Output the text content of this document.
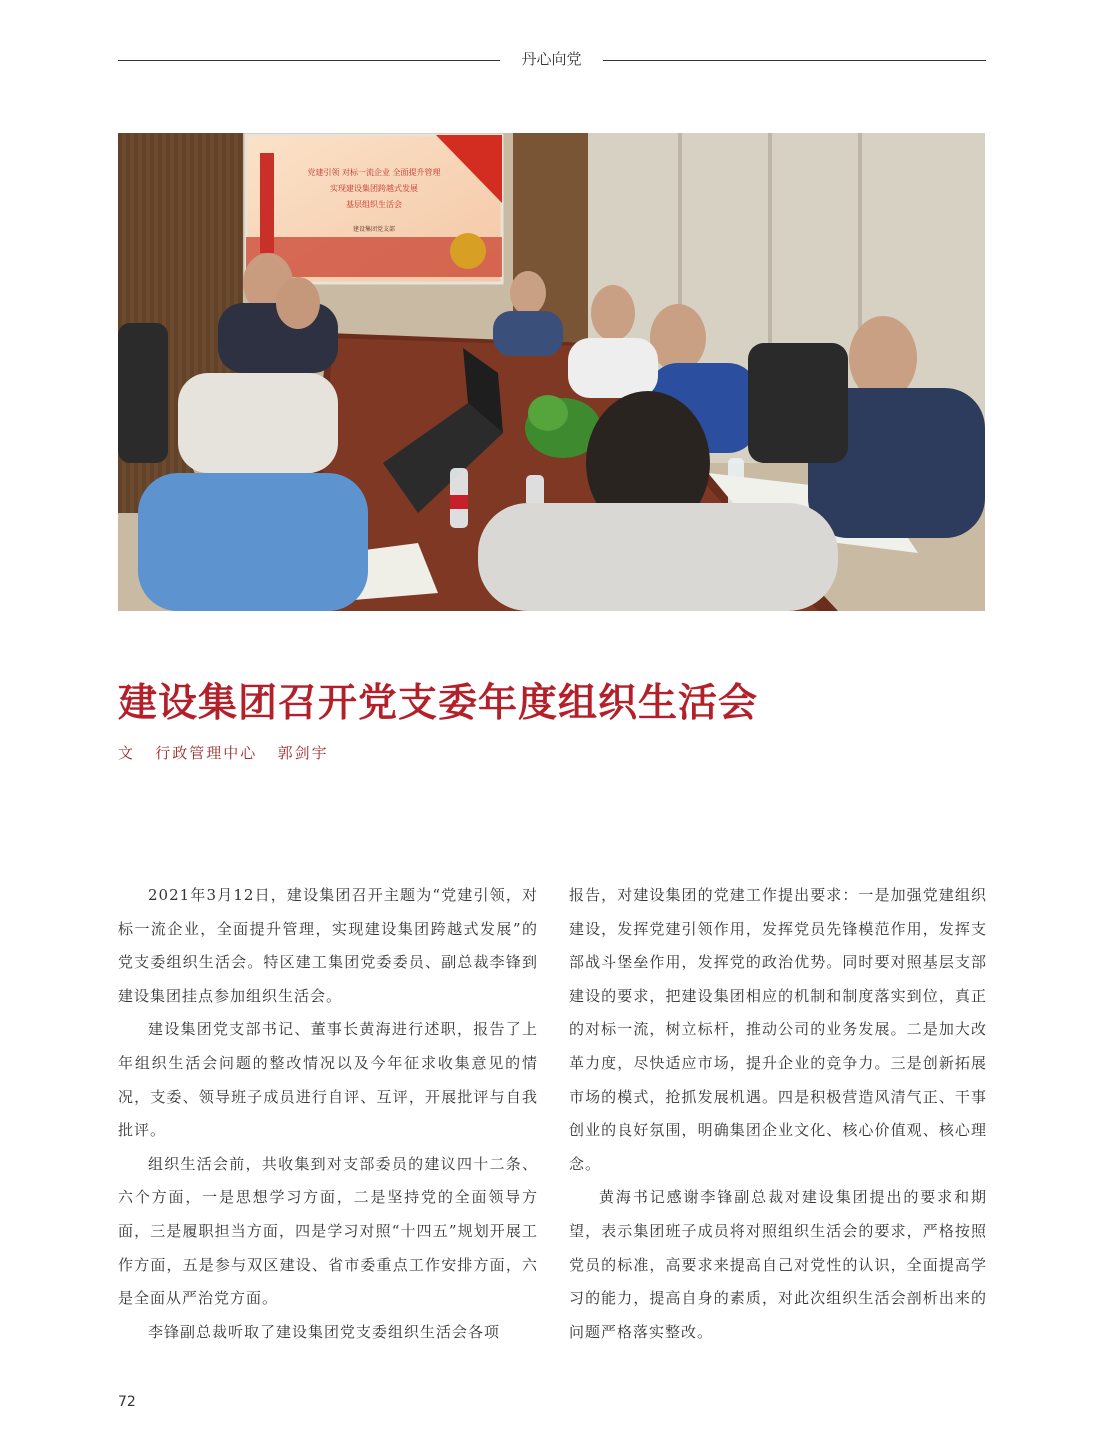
丹心向党
党建引领 对标一流企业 全面提升管理
实现建设集团跨越式发展
基层组织生活会
建设集团党支部
建设集团召开党支委年度组织生活会
文   行政管理中心   郭剑宇

2021年3月12日，建设集团召开主题为“党建引领，对标一流企业，全面提升管理，实现建设集团跨越式发展”的党支委组织生活会。特区建工集团党委委员、副总裁李锋到建设集团挂点参加组织生活会。

建设集团党支部书记、董事长黄海进行述职，报告了上年组织生活会问题的整改情况以及今年征求收集意见的情况，支委、领导班子成员进行自评、互评，开展批评与自我批评。

组织生活会前，共收集到对支部委员的建议四十二条、六个方面，一是思想学习方面，二是坚持党的全面领导方面，三是履职担当方面，四是学习对照“十四五”规划开展工作方面，五是参与双区建设、省市委重点工作安排方面，六是全面从严治党方面。

李锋副总裁听取了建设集团党支委组织生活会各项

报告，对建设集团的党建工作提出要求：一是加强党建组织建设，发挥党建引领作用，发挥党员先锋模范作用，发挥支部战斗堡垒作用，发挥党的政治优势。同时要对照基层支部建设的要求，把建设集团相应的机制和制度落实到位，真正的对标一流，树立标杆，推动公司的业务发展。二是加大改革力度，尽快适应市场，提升企业的竞争力。三是创新拓展市场的模式，抢抓发展机遇。四是积极营造风清气正、干事创业的良好氛围，明确集团企业文化、核心价值观、核心理念。

黄海书记感谢李锋副总裁对建设集团提出的要求和期望，表示集团班子成员将对照组织生活会的要求，严格按照党员的标准，高要求来提高自己对党性的认识，全面提高学习的能力，提高自身的素质，对此次组织生活会剖析出来的问题严格落实整改。

72
